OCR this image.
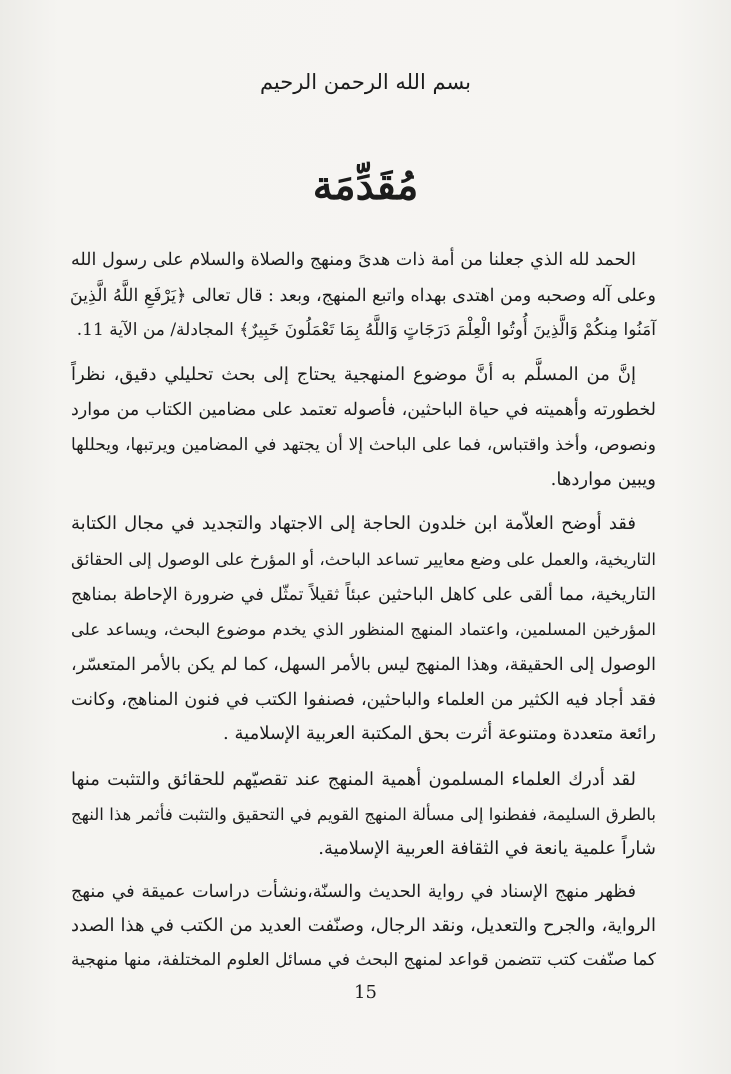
بسم الله الرحمن الرحيم
مُقَدِّمَة
الحمد لله الذي جعلنا من أمة ذات هدىً ومنهج والصلاة والسلام على رسول الله
وعلى آله وصحبه ومن اهتدى بهداه واتبع المنهج، وبعد : قال تعالى ﴿يَرْفَعِ اللَّهُ الَّذِينَ
آمَنُوا مِنكُمْ وَالَّذِينَ أُوتُوا الْعِلْمَ دَرَجَاتٍ وَاللَّهُ بِمَا تَعْمَلُونَ خَبِيرٌ﴾ المجادلة/ من الآية 11.
إنَّ من المسلَّم به أنَّ موضوع المنهجية يحتاج إلى بحث تحليلي دقيق، نظراً
لخطورته وأهميته في حياة الباحثين، فأصوله تعتمد على مضامين الكتاب من موارد
ونصوص، وأخذ واقتباس، فما على الباحث إلا أن يجتهد في المضامين ويرتبها، ويحللها
ويبين مواردها.
فقد أوضح العلاّمة ابن خلدون الحاجة إلى الاجتهاد والتجديد في مجال الكتابة
التاريخية، والعمل على وضع معايير تساعد الباحث، أو المؤرخ على الوصول إلى الحقائق
التاريخية، مما ألقى على كاهل الباحثين عبئاً ثقيلاً تمثّل في ضرورة الإحاطة بمناهج
المؤرخين المسلمين، واعتماد المنهج المنظور الذي يخدم موضوع البحث، ويساعد على
الوصول إلى الحقيقة، وهذا المنهج ليس بالأمر السهل، كما لم يكن بالأمر المتعسّر،
فقد أجاد فيه الكثير من العلماء والباحثين، فصنفوا الكتب في فنون المناهج، وكانت
رائعة متعددة ومتنوعة أثرت بحق المكتبة العربية الإسلامية .
لقد أدرك العلماء المسلمون أهمية المنهج عند تقصيّهم للحقائق والتثبت منها
بالطرق السليمة، ففطنوا إلى مسألة المنهج القويم في التحقيق والتثبت فأثمر هذا النهج
شاراً علمية يانعة في الثقافة العربية الإسلامية.
فظهر منهج الإسناد في رواية الحديث والسنّة،ونشأت دراسات عميقة في منهج
الرواية، والجرح والتعديل، ونقد الرجال، وصنّفت العديد من الكتب في هذا الصدد
كما صنّفت كتب تتضمن قواعد لمنهج البحث في مسائل العلوم المختلفة، منها منهجية
15
